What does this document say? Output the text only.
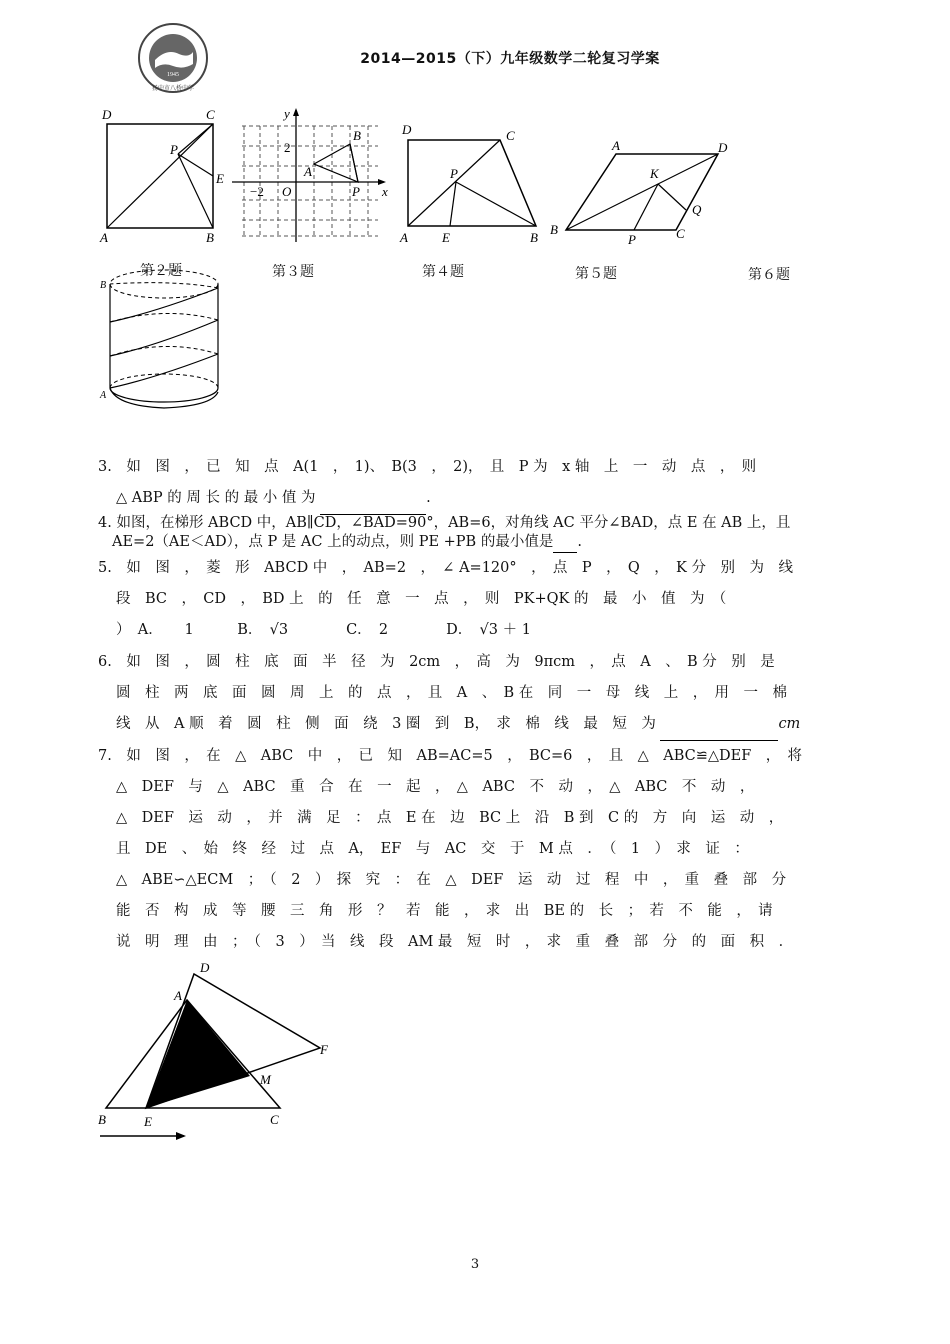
1945
扬中市八桥中学
2014—2015（下）九年级数学二轮复习学案
D	C
P
E
A	B
y
B
2
A
−2 O	P x
D	C
P
A	E	B
A	D
K
Q
B
P	C
第２题	第３题	第４题	第５题	第６题
B
A

3.　如　图　，　已　知　点　A(1　，　1)、　B(3　，　2)，　且　P 为　x 轴　上　一　动　点　，　则

△ ABP 的 周 长 的 最 小 值 为	.

4. 如图，在梯形 ABCD 中，AB∥CD，∠BAD=90°，AB=6，对角线 AC 平分∠BAD，点 E 在 AB 上，且

AE=2（AE＜AD），点 P 是 AC 上的动点，则 PE +PB 的最小值是 .

5.　如　图　，　菱　形　ABCD 中　，　AB=2　，　∠ A=120°　，　点　P　，　Q　，　K 分　别　为　线

段　BC　，　CD　，　BD 上　的　任　意　一　点　，　则　PK+QK 的　最　小　值　为　（

）　A．　　1　　　B．　√3　　　　C．　2　　　　D．　√3 ＋ 1

6.　如　图　，　圆　柱　底　面　半　径　为　2cm　，　高　为　9πcm　，　点　A　、　B 分　别　是

圆　柱　两　底　面　圆　周　上　的　点　，　且　A　、　B 在　同　一　母　线　上　，　用　一　棉

线　从　A 顺　着　圆　柱　侧　面　绕　3 圈　到　B，　求　棉　线　最　短　为	cm

7.　如　图　，　在　△　ABC　中　，　已　知　AB=AC=5　，　BC=6　，　且　△　ABC≌△DEF　，　将

△　DEF　与　△　ABC　重　合　在　一　起　，　△　ABC　不　动　，　△　ABC　不　动　，

△　DEF　运　动　，　并　满　足　：　点　E 在　边　BC 上　沿　B 到　C 的　方　向　运　动　，

且　DE　、　始　终　经　过　点　A，　EF　与　AC　交　于　M 点　．　（　1　）　求　证　：

△　ABE∽△ECM　；　（　2　）　探　究　：　在　△　DEF　运　动　过　程　中　，　重　叠　部　分

能　否　构　成　等　腰　三　角　形　？　若　能　，　求　出　BE 的　长　；　若　不　能　，　请

说　明　理　由　；　（　3　）　当　线　段　AM 最　短　时　，　求　重　叠　部　分　的　面　积　．

D
A
F
M
B	E	C
3
